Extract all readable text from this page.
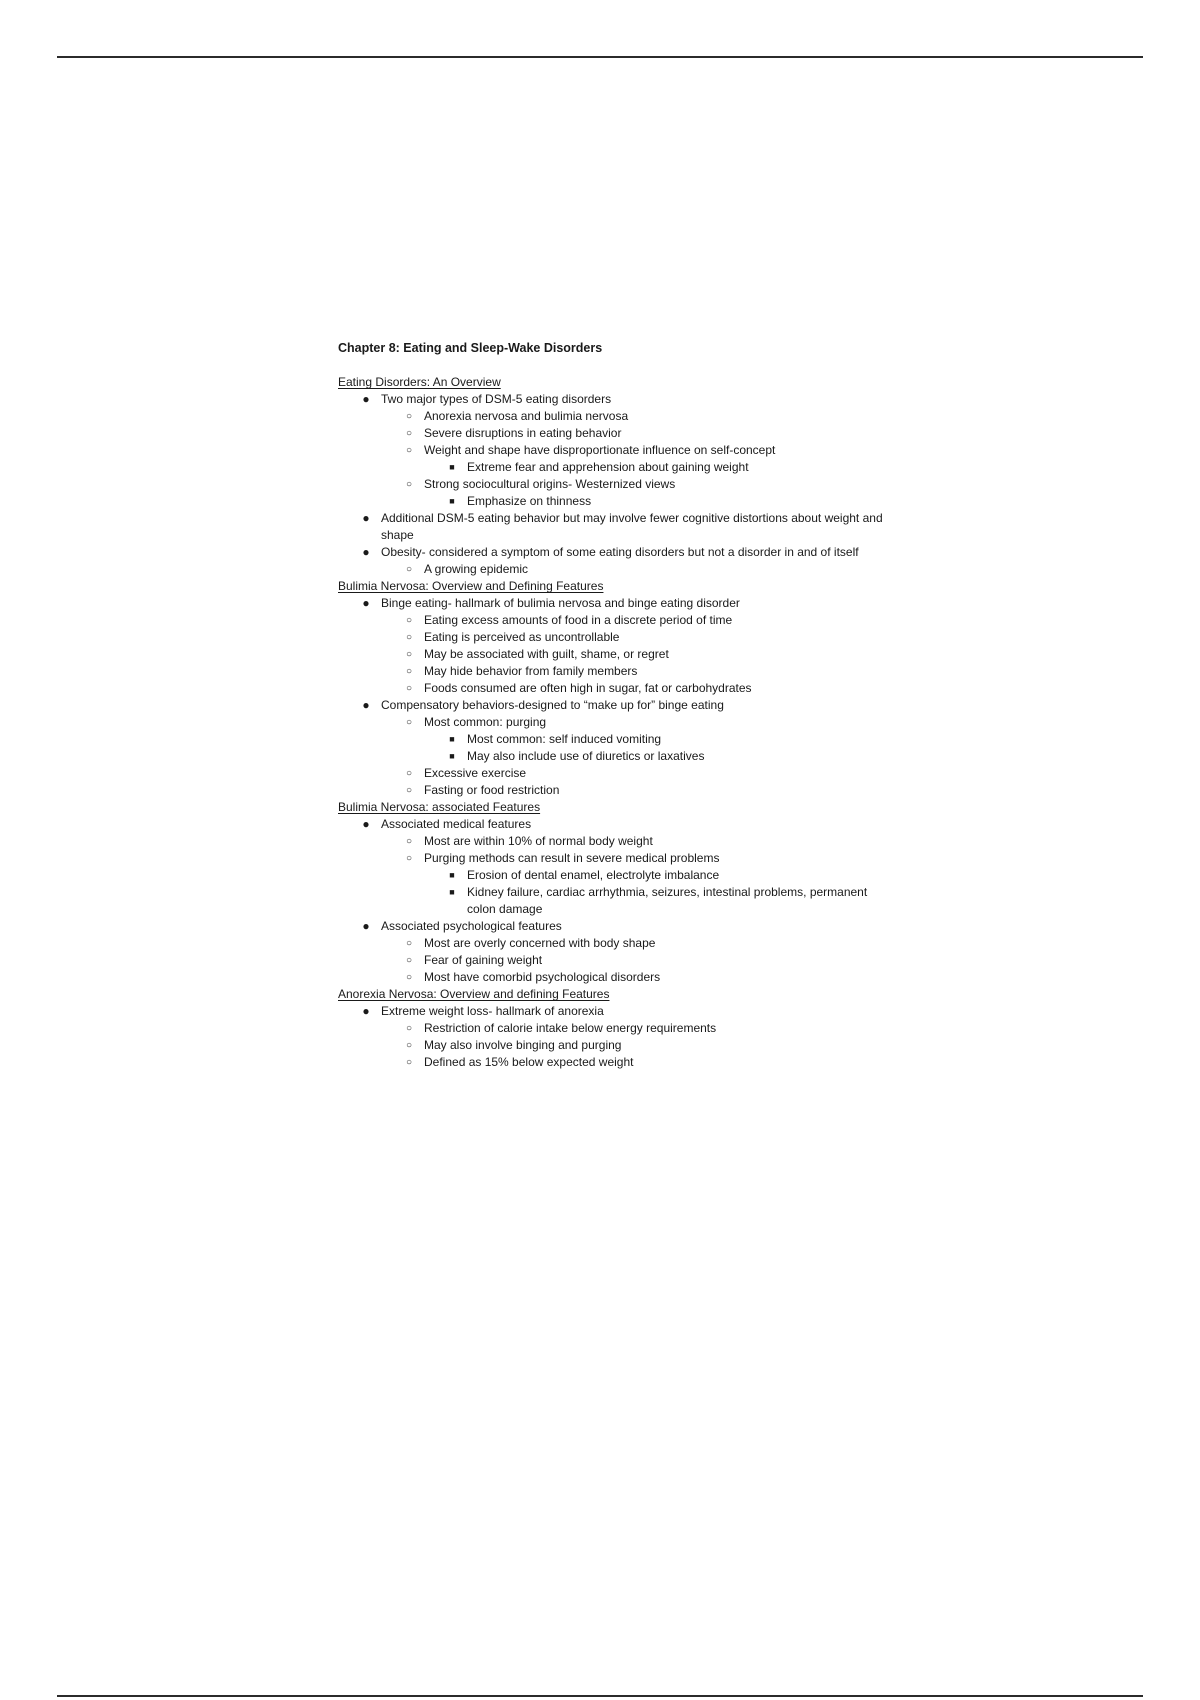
Chapter 8: Eating and Sleep-Wake Disorders
Eating Disorders: An Overview
● Two major types of DSM-5 eating disorders
○ Anorexia nervosa and bulimia nervosa
○ Severe disruptions in eating behavior
○ Weight and shape have disproportionate influence on self-concept
■ Extreme fear and apprehension about gaining weight
○ Strong sociocultural origins- Westernized views
■ Emphasize on thinness
● Additional DSM-5 eating behavior but may involve fewer cognitive distortions about weight and shape
● Obesity- considered a symptom of some eating disorders but not a disorder in and of itself
○ A growing epidemic
Bulimia Nervosa: Overview and Defining Features
● Binge eating- hallmark of bulimia nervosa and binge eating disorder
○ Eating excess amounts of food in a discrete period of time
○ Eating is perceived as uncontrollable
○ May be associated with guilt, shame, or regret
○ May hide behavior from family members
○ Foods consumed are often high in sugar, fat or carbohydrates
● Compensatory behaviors-designed to “make up for” binge eating
○ Most common: purging
■ Most common: self induced vomiting
■ May also include use of diuretics or laxatives
○ Excessive exercise
○ Fasting or food restriction
Bulimia Nervosa: associated Features
● Associated medical features
○ Most are within 10% of normal body weight
○ Purging methods can result in severe medical problems
■ Erosion of dental enamel, electrolyte imbalance
■ Kidney failure, cardiac arrhythmia, seizures, intestinal problems, permanent colon damage
● Associated psychological features
○ Most are overly concerned with body shape
○ Fear of gaining weight
○ Most have comorbid psychological disorders
Anorexia Nervosa: Overview and defining Features
● Extreme weight loss- hallmark of anorexia
○ Restriction of calorie intake below energy requirements
○ May also involve binging and purging
○ Defined as 15% below expected weight
